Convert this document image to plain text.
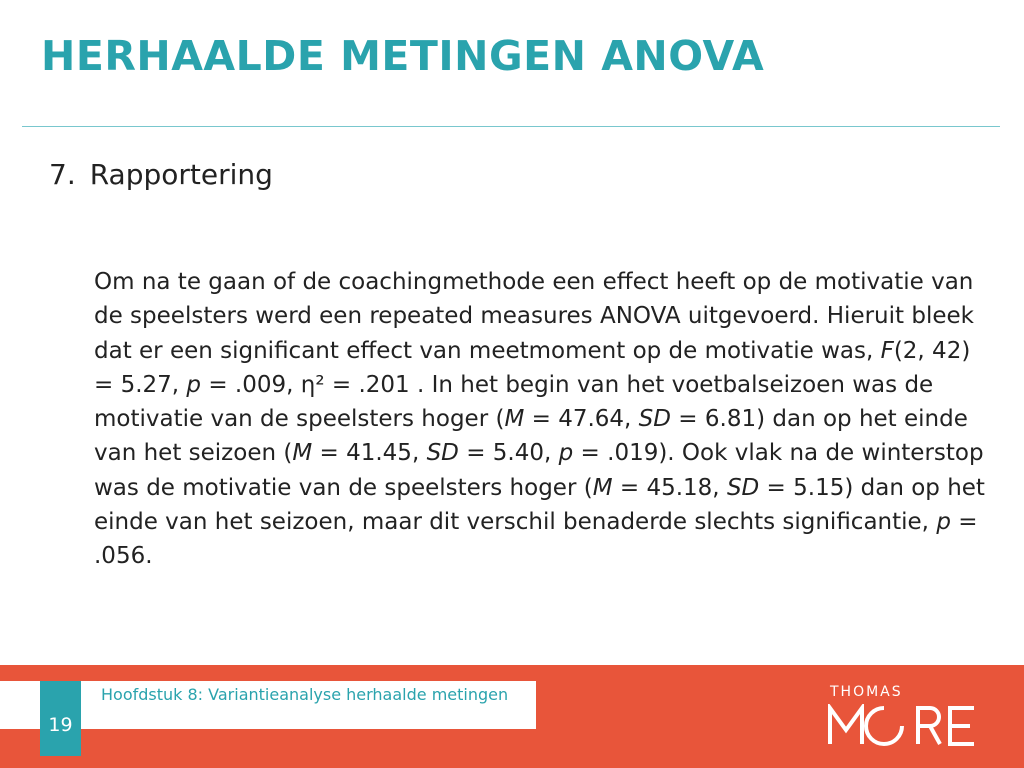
HERHAALDE METINGEN ANOVA
7. Rapportering
Om na te gaan of de coachingmethode een effect heeft op de motivatie van de speelsters werd een repeated measures ANOVA uitgevoerd. Hieruit bleek dat er een significant effect van meetmoment op de motivatie was, F(2, 42) = 5.27, p = .009, η² = .201 . In het begin van het voetbalseizoen was de motivatie van de speelsters hoger (M = 47.64, SD = 6.81) dan op het einde van het seizoen (M = 41.45, SD = 5.40, p = .019). Ook vlak na de winterstop was de motivatie van de speelsters hoger (M = 45.18, SD = 5.15) dan op het einde van het seizoen, maar dit verschil benaderde slechts significantie, p = .056.
Hoofdstuk 8: Variantieanalyse herhaalde metingen
19
THOMAS
